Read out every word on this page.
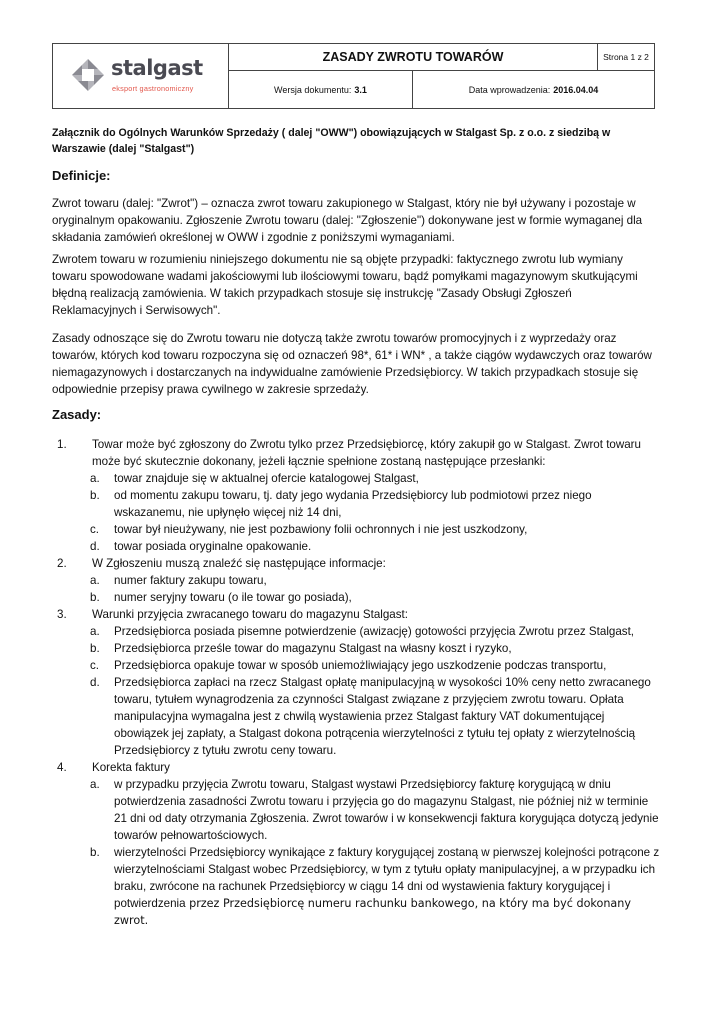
stalgast
eksport gastronomiczny
ZASADY ZWROTU TOWARÓW	Strona 1 z 2
Wersja dokumentu: 3.1	Data wprowadzenia: 2016.04.04
Załącznik do Ogólnych Warunków Sprzedaży ( dalej "OWW") obowiązujących w Stalgast Sp. z o.o. z siedzibą w Warszawie (dalej "Stalgast")
Definicje:
Zwrot towaru (dalej: "Zwrot") – oznacza zwrot towaru zakupionego w Stalgast, który nie był używany i pozostaje w oryginalnym opakowaniu. Zgłoszenie Zwrotu towaru (dalej: "Zgłoszenie") dokonywane jest w formie wymaganej dla składania zamówień określonej w OWW i zgodnie z poniższymi wymaganiami.
Zwrotem towaru w rozumieniu niniejszego dokumentu nie są objęte przypadki: faktycznego zwrotu lub wymiany towaru spowodowane wadami jakościowymi lub ilościowymi towaru, bądź pomyłkami magazynowym skutkującymi błędną realizacją zamówienia. W takich przypadkach stosuje się instrukcję "Zasady Obsługi Zgłoszeń Reklamacyjnych i Serwisowych".
Zasady odnoszące się do Zwrotu towaru nie dotyczą także zwrotu towarów promocyjnych i z wyprzedaży oraz towarów, których kod towaru rozpoczyna się od oznaczeń 98*, 61* i WN* , a także ciągów wydawczych oraz towarów niemagazynowych i dostarczanych na indywidualne zamówienie Przedsiębiorcy. W takich przypadkach stosuje się odpowiednie przepisy prawa cywilnego w zakresie sprzedaży.
Zasady:
1. Towar może być zgłoszony do Zwrotu tylko przez Przedsiębiorcę, który zakupił go w Stalgast. Zwrot towaru może być skutecznie dokonany, jeżeli łącznie spełnione zostaną następujące przesłanki:
a. towar znajduje się w aktualnej ofercie katalogowej Stalgast,
b. od momentu zakupu towaru, tj. daty jego wydania Przedsiębiorcy lub podmiotowi przez niego wskazanemu, nie upłynęło więcej niż 14 dni,
c. towar był nieużywany, nie jest pozbawiony folii ochronnych i nie jest uszkodzony,
d. towar posiada oryginalne opakowanie.
2. W Zgłoszeniu muszą znaleźć się następujące informacje:
a. numer faktury zakupu towaru,
b. numer seryjny towaru (o ile towar go posiada),
3. Warunki przyjęcia zwracanego towaru do magazynu Stalgast:
a. Przedsiębiorca posiada pisemne potwierdzenie (awizację) gotowości przyjęcia Zwrotu przez Stalgast,
b. Przedsiębiorca prześle towar do magazynu Stalgast na własny koszt i ryzyko,
c. Przedsiębiorca opakuje towar w sposób uniemożliwiający jego uszkodzenie podczas transportu,
d. Przedsiębiorca zapłaci na rzecz Stalgast opłatę manipulacyjną w wysokości 10% ceny netto zwracanego towaru, tytułem wynagrodzenia za czynności Stalgast związane z przyjęciem zwrotu towaru. Opłata manipulacyjna wymagalna jest z chwilą wystawienia przez Stalgast faktury VAT dokumentującej obowiązek jej zapłaty, a Stalgast dokona potrącenia wierzytelności z tytułu tej opłaty z wierzytelnością Przedsiębiorcy z tytułu zwrotu ceny towaru.
4. Korekta faktury
a. w przypadku przyjęcia Zwrotu towaru, Stalgast wystawi Przedsiębiorcy fakturę korygującą w dniu potwierdzenia zasadności Zwrotu towaru i przyjęcia go do magazynu Stalgast, nie później niż w terminie 21 dni od daty otrzymania Zgłoszenia. Zwrot towarów i w konsekwencji faktura korygująca dotyczą jedynie towarów pełnowartościowych.
b. wierzytelności Przedsiębiorcy wynikające z faktury korygującej zostaną w pierwszej kolejności potrącone z wierzytelnościami Stalgast wobec Przedsiębiorcy, w tym z tytułu opłaty manipulacyjnej, a w przypadku ich braku, zwrócone na rachunek Przedsiębiorcy w ciągu 14 dni od wystawienia faktury korygującej i potwierdzenia przez Przedsiębiorcę numeru rachunku bankowego, na który ma być dokonany zwrot.
